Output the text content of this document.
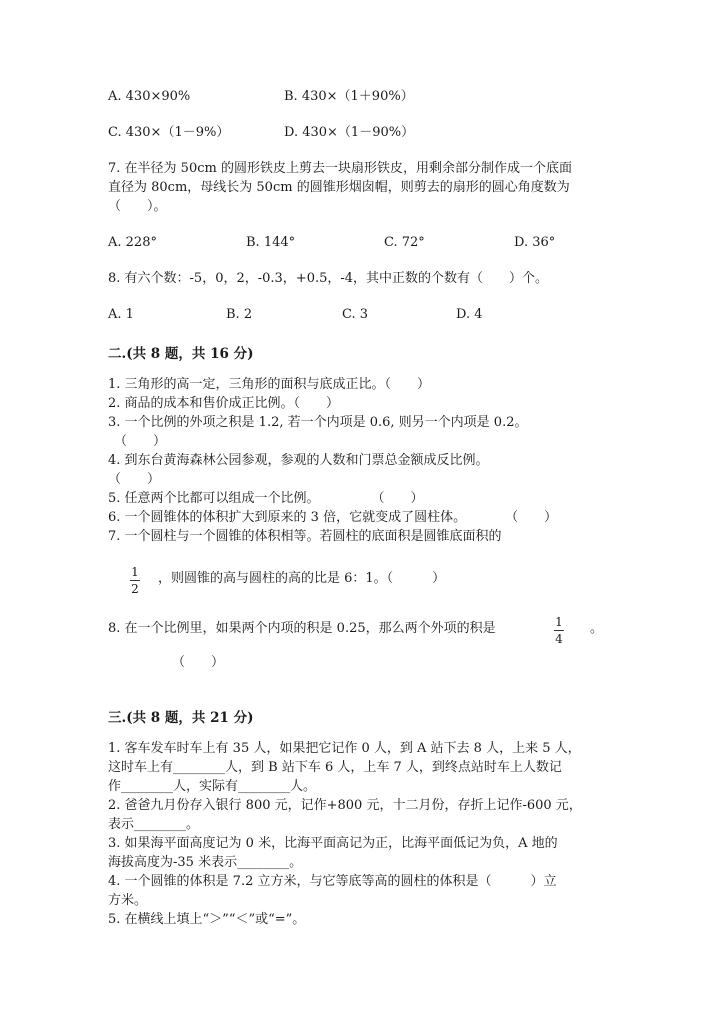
A. 430×90%	B. 430×（1＋90%）
C. 430×（1－9%）	D. 430×（1－90%）
7. 在半径为 50cm 的圆形铁皮上剪去一块扇形铁皮，用剩余部分制作成一个底面
直径为 80cm，母线长为 50cm 的圆锥形烟囱帽，则剪去的扇形的圆心角度数为
（　　）。
A. 228°	B. 144°	C. 72°	D. 36°
8. 有六个数：-5，0，2，-0.3，+0.5，-4，其中正数的个数有（　　）个。
A. 1	B. 2	C. 3	D. 4
二.(共 8 题，共 16 分)
1. 三角形的高一定，三角形的面积与底成正比。（　　）
2. 商品的成本和售价成正比例。（　　）
3. 一个比例的外项之积是 1.2, 若一个内项是 0.6, 则另一个内项是 0.2。
（　　）
4. 到东台黄海森林公园参观，参观的人数和门票总金额成反比例。
（　　）
5. 任意两个比都可以组成一个比例。　　　　　（　　）
6. 一个圆锥体的体积扩大到原来的 3 倍，它就变成了圆柱体。　　　　（　　）
7. 一个圆柱与一个圆锥的体积相等。若圆柱的底面积是圆锥底面积的
1
2
，则圆锥的高与圆柱的高的比是 6：1。（　　　）
8. 在一个比例里，如果两个内项的积是 0.25，那么两个外项的积是	1
4
。
（　　）
三.(共 8 题，共 21 分)
1. 客车发车时车上有 35 人，如果把它记作 0 人，到 A 站下去 8 人，上来 5 人，
这时车上有________人，到 B 站下车 6 人，上车 7 人，到终点站时车上人数记
作________人，实际有________人。
2. 爸爸九月份存入银行 800 元，记作+800 元，十二月份，存折上记作-600 元，
表示________。
3. 如果海平面高度记为 0 米，比海平面高记为正，比海平面低记为负，A 地的
海拔高度为-35 米表示________。
4. 一个圆锥的体积是 7.2 立方米，与它等底等高的圆柱的体积是（　　　）立
方米。
5. 在横线上填上“＞”“＜”或“=”。
